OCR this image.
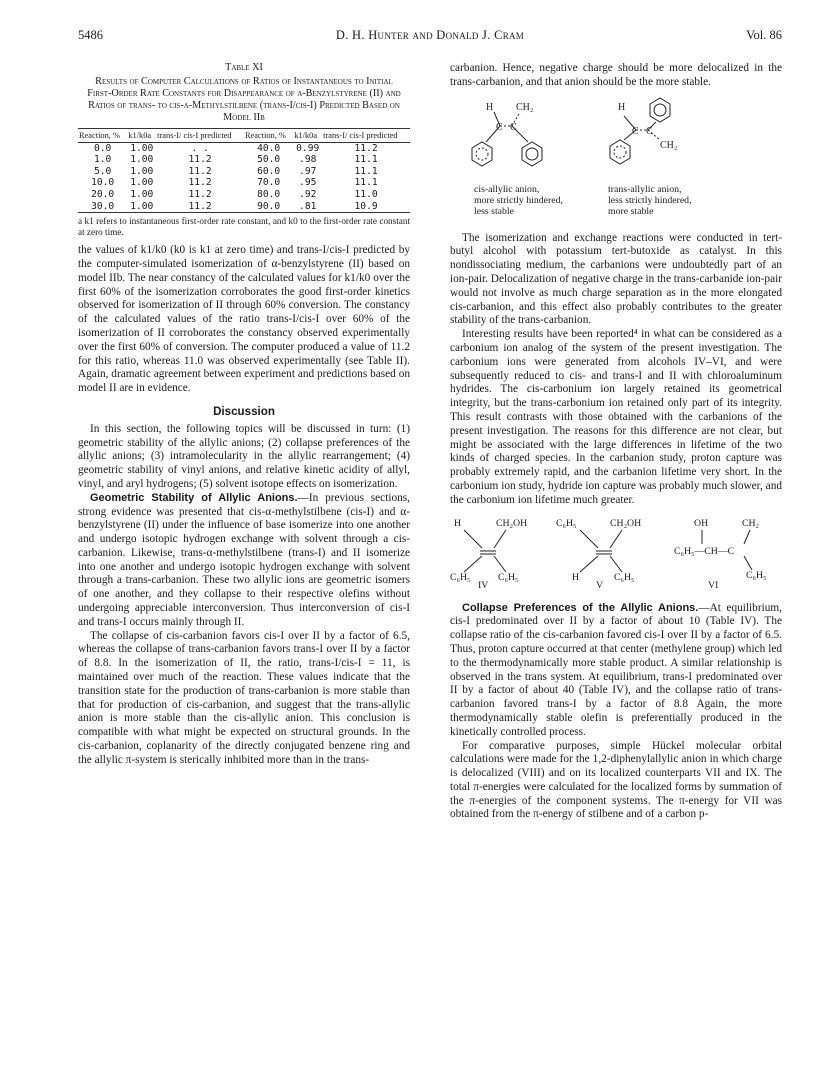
5486	D. H. Hunter and Donald J. Cram	Vol. 86
Table XI
Results of Computer Calculations of Ratios of Instantaneous to Initial First-Order Rate Constants for Disappearance of α-Benzylstyrene (II) and Ratios of trans- to cis-α-Methylstilbene (trans-I/cis-I) Predicted Based on Model IIb
Reaction, %	k1/k0a	trans-I/ cis-I predicted	Reaction, %	k1/k0a	trans-I/ cis-I predicted
0.0	1.00	. .	40.0	0.99	11.2
1.0	1.00	11.2	50.0	.98	11.1
5.0	1.00	11.2	60.0	.97	11.1
10.0	1.00	11.2	70.0	.95	11.1
20.0	1.00	11.2	80.0	.92	11.0
30.0	1.00	11.2	90.0	.81	10.9
a k1 refers to instantaneous first-order rate constant, and k0 to the first-order rate constant at zero time.

the values of k1/k0 (k0 is k1 at zero time) and trans-I/cis-I predicted by the computer-simulated isomerization of α-benzylstyrene (II) based on model IIb. The near constancy of the calculated values for k1/k0 over the first 60% of the isomerization corroborates the good first-order kinetics observed for isomerization of II through 60% conversion. The constancy of the calculated values of the ratio trans-I/cis-I over 60% of the isomerization of II corroborates the constancy observed experimentally over the first 60% of conversion. The computer produced a value of 11.2 for this ratio, whereas 11.0 was observed experimentally (see Table II). Again, dramatic agreement between experiment and predictions based on model II are in evidence.

Discussion

In this section, the following topics will be discussed in turn: (1) geometric stability of the allylic anions; (2) collapse preferences of the allylic anions; (3) intramolecularity in the allylic rearrangement; (4) geometric stability of vinyl anions, and relative kinetic acidity of allyl, vinyl, and aryl hydrogens; (5) solvent isotope effects on isomerization.

Geometric Stability of Allylic Anions.—In previous sections, strong evidence was presented that cis-α-methylstilbene (cis-I) and α-benzylstyrene (II) under the influence of base isomerize into one another and undergo isotopic hydrogen exchange with solvent through a cis-carbanion. Likewise, trans-α-methylstilbene (trans-I) and II isomerize into one another and undergo isotopic hydrogen exchange with solvent through a trans-carbanion. These two allylic ions are geometric isomers of one another, and they collapse to their respective olefins without undergoing appreciable interconversion. Thus interconversion of cis-I and trans-I occurs mainly through II.

The collapse of cis-carbanion favors cis-I over II by a factor of 6.5, whereas the collapse of trans-carbanion favors trans-I over II by a factor of 8.8. In the isomerization of II, the ratio, trans-I/cis-I = 11, is maintained over much of the reaction. These values indicate that the transition state for the production of trans-carbanion is more stable than that for production of cis-carbanion, and suggest that the trans-allylic anion is more stable than the cis-allylic anion. This conclusion is compatible with what might be expected on structural grounds. In the cis-carbanion, coplanarity of the directly conjugated benzene ring and the allylic π-system is sterically inhibited more than in the trans-

carbanion. Hence, negative charge should be more delocalized in the trans-carbanion, and that anion should be the more stable.

H CH₂
C C
H
C C
CH₂
cis-allylic anion,
more strictly hindered,
less stable
trans-allylic anion,
less strictly hindered,
more stable

The isomerization and exchange reactions were conducted in tert-butyl alcohol with potassium tert-butoxide as catalyst. In this nondissociating medium, the carbanions were undoubtedly part of an ion-pair. Delocalization of negative charge in the trans-carbanide ion-pair would not involve as much charge separation as in the more elongated cis-carbanion, and this effect also probably contributes to the greater stability of the trans-carbanion.

Interesting results have been reported⁴ in what can be considered as a carbonium ion analog of the system of the present investigation. The carbonium ions were generated from alcohols IV–VI, and were subsequently reduced to cis- and trans-I and II with chloroaluminum hydrides. The cis-carbonium ion largely retained its geometrical integrity, but the trans-carbonium ion retained only part of its integrity. This result contrasts with those obtained with the carbanions of the present investigation. The reasons for this difference are not clear, but might be associated with the large differences in lifetime of the two kinds of charged species. In the carbanion study, proton capture was probably extremely rapid, and the carbanion lifetime very short. In the carbonium ion study, hydride ion capture was probably much slower, and the carbonium ion lifetime much greater.

H	CH₂OH
C₆H₅	C₆H₅
IV
C₆H₅	CH₂OH
H	C₆H₅
V
OH	CH₂
C₆H₅—CH—C
C₆H₅
VI

Collapse Preferences of the Allylic Anions.—At equilibrium, cis-I predominated over II by a factor of about 10 (Table IV). The collapse ratio of the cis-carbanion favored cis-I over II by a factor of 6.5. Thus, proton capture occurred at that center (methylene group) which led to the thermodynamically more stable product. A similar relationship is observed in the trans system. At equilibrium, trans-I predominated over II by a factor of about 40 (Table IV), and the collapse ratio of trans-carbanion favored trans-I by a factor of 8.8 Again, the more thermodynamically stable olefin is preferentially produced in the kinetically controlled process.

For comparative purposes, simple Hückel molecular orbital calculations were made for the 1,2-diphenylallylic anion in which charge is delocalized (VIII) and on its localized counterparts VII and IX. The total π-energies were calculated for the localized forms by summation of the π-energies of the component systems. The π-energy for VII was obtained from the π-energy of stilbene and of a carbon p-
